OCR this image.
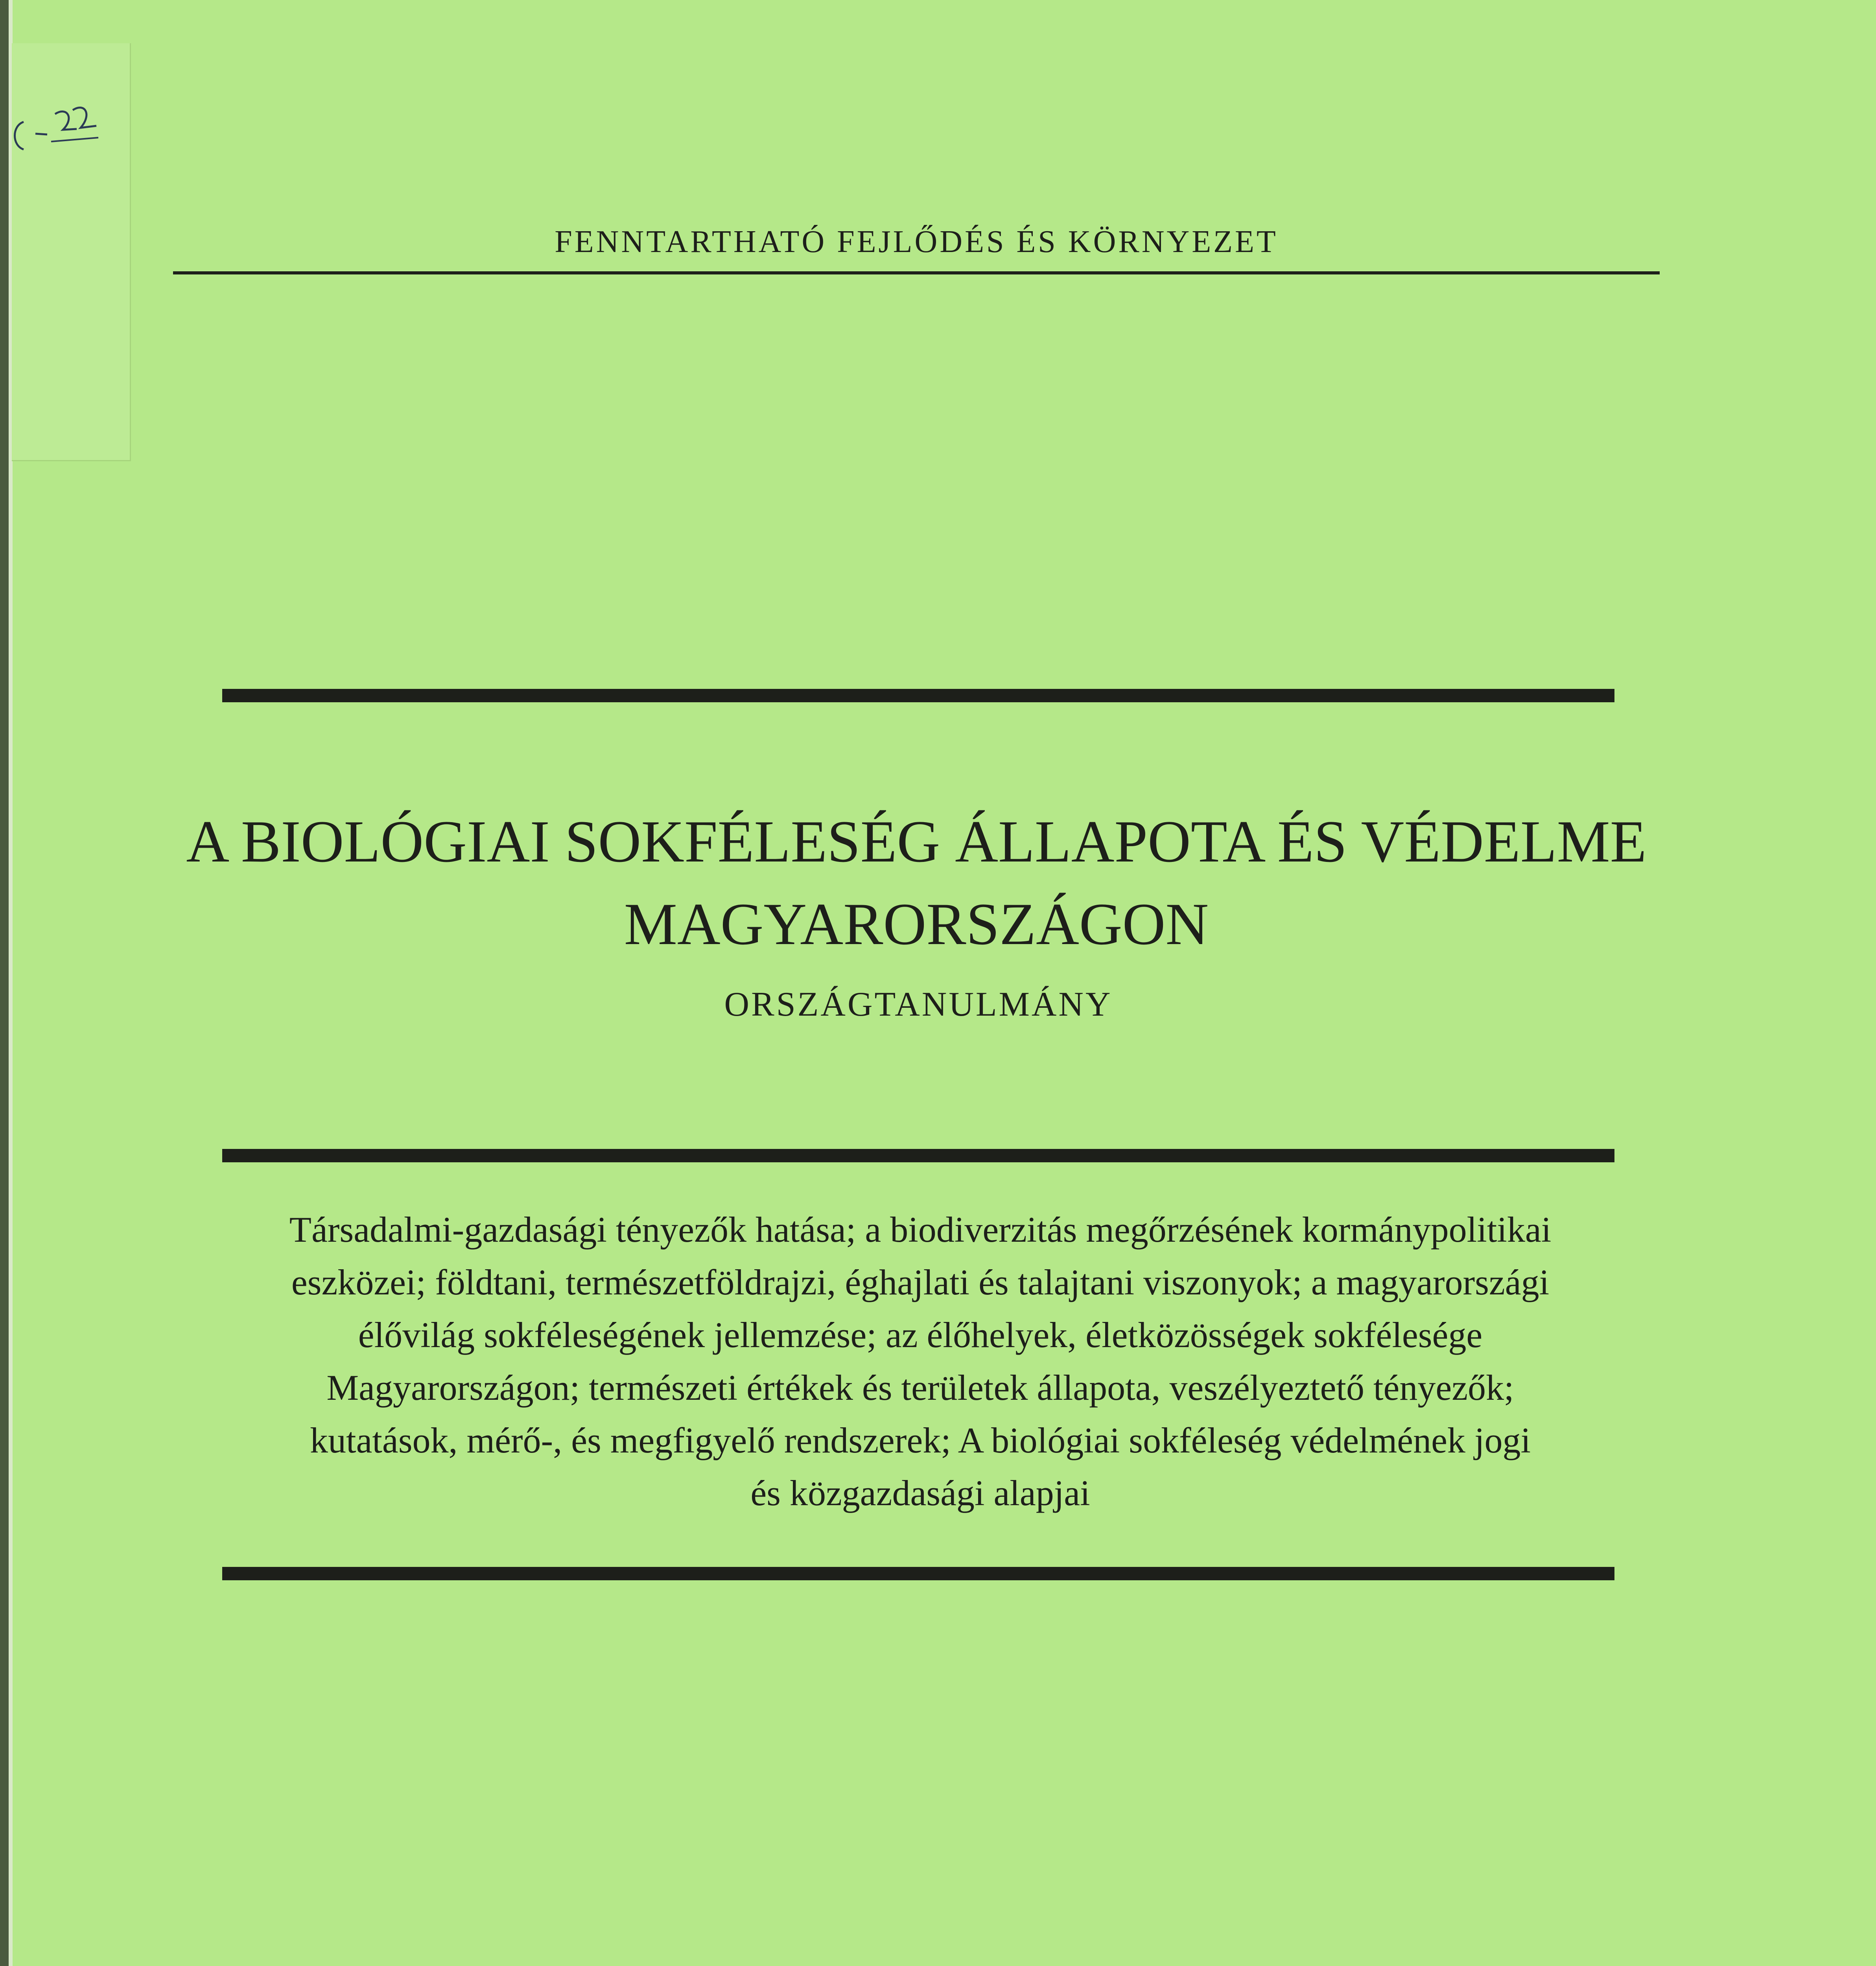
FENNTARTHATÓ FEJLŐDÉS ÉS KÖRNYEZET
A BIOLÓGIAI SOKFÉLESÉG ÁLLAPOTA ÉS VÉDELME
MAGYARORSZÁGON
ORSZÁGTANULMÁNY
Társadalmi-gazdasági tényezők hatása; a biodiverzitás megőrzésének kormánypolitikai
eszközei; földtani, természetföldrajzi, éghajlati és talajtani viszonyok; a magyarországi
élővilág sokféleségének jellemzése; az élőhelyek, életközösségek sokfélesége
Magyarországon; természeti értékek és területek állapota, veszélyeztető tényezők;
kutatások, mérő-, és megfigyelő rendszerek; A biológiai sokféleség védelmének jogi
és közgazdasági alapjai
